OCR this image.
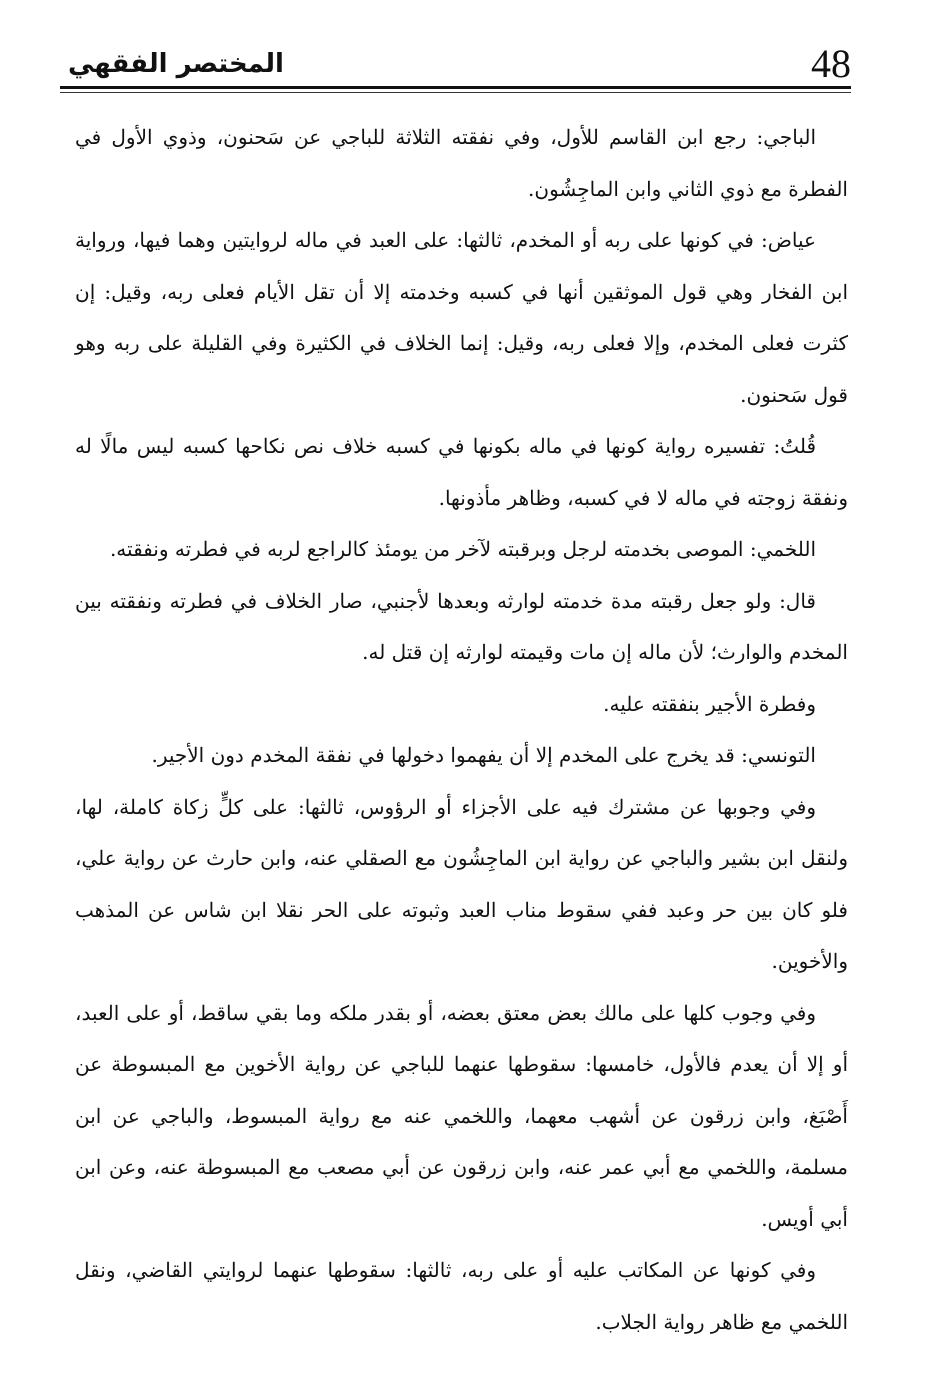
48
المختصر الفقهي

الباجي: رجع ابن القاسم للأول، وفي نفقته الثلاثة للباجي عن سَحنون، وذوي الأول في الفطرة مع ذوي الثاني وابن الماجِشُون.

عياض: في كونها على ربه أو المخدم، ثالثها: على العبد في ماله لروايتين وهما فيها، ورواية ابن الفخار وهي قول الموثقين أنها في كسبه وخدمته إلا أن تقل الأيام فعلى ربه، وقيل: إن كثرت فعلى المخدم، وإلا فعلى ربه، وقيل: إنما الخلاف في الكثيرة وفي القليلة على ربه وهو قول سَحنون.

قُلتُ: تفسيره رواية كونها في ماله بكونها في كسبه خلاف نص نكاحها كسبه ليس مالًا له ونفقة زوجته في ماله لا في كسبه، وظاهر مأذونها.

اللخمي: الموصى بخدمته لرجل وبرقبته لآخر من يومئذ كالراجع لربه في فطرته ونفقته.

قال: ولو جعل رقبته مدة خدمته لوارثه وبعدها لأجنبي، صار الخلاف في فطرته ونفقته بين المخدم والوارث؛ لأن ماله إن مات وقيمته لوارثه إن قتل له.

وفطرة الأجير بنفقته عليه.

التونسي: قد يخرج على المخدم إلا أن يفهموا دخولها في نفقة المخدم دون الأجير.

وفي وجوبها عن مشترك فيه على الأجزاء أو الرؤوس، ثالثها: على كلٍّ زكاة كاملة، لها، ولنقل ابن بشير والباجي عن رواية ابن الماجِشُون مع الصقلي عنه، وابن حارث عن رواية علي، فلو كان بين حر وعبد ففي سقوط مناب العبد وثبوته على الحر نقلا ابن شاس عن المذهب والأخوين.

وفي وجوب كلها على مالك بعض معتق بعضه، أو بقدر ملكه وما بقي ساقط، أو على العبد، أو إلا أن يعدم فالأول، خامسها: سقوطها عنهما للباجي عن رواية الأخوين مع المبسوطة عن أَصْبَغ، وابن زرقون عن أشهب معهما، واللخمي عنه مع رواية المبسوط، والباجي عن ابن مسلمة، واللخمي مع أبي عمر عنه، وابن زرقون عن أبي مصعب مع المبسوطة عنه، وعن ابن أبي أويس.

وفي كونها عن المكاتب عليه أو على ربه، ثالثها: سقوطها عنهما لروايتي القاضي، ونقل اللخمي مع ظاهر رواية الجلاب.
